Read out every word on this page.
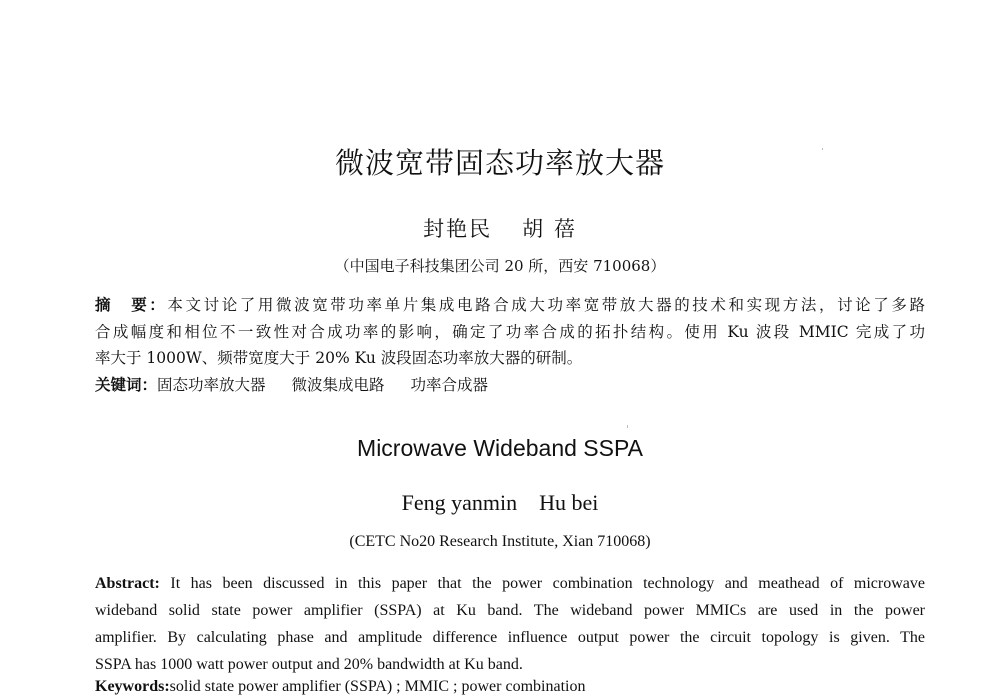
微波宽带固态功率放大器
封艳民 胡 蓓
（中国电子科技集团公司 20 所，西安 710068）
摘　要：本文讨论了用微波宽带功率单片集成电路合成大功率宽带放大器的技术和实现方法，讨论了多路
合成幅度和相位不一致性对合成功率的影响，确定了功率合成的拓扑结构。使用 Ku 波段 MMIC 完成了功
率大于 1000W、频带宽度大于 20% Ku 波段固态功率放大器的研制。
关键词：固态功率放大器 微波集成电路 功率合成器
Microwave Wideband SSPA
Feng yanmin Hu bei
(CETC No20 Research Institute, Xian 710068)
Abstract: It has been discussed in this paper that the power combination technology and meathead of microwave
wideband solid state power amplifier (SSPA) at Ku band. The wideband power MMICs are used in the power
amplifier. By calculating phase and amplitude difference influence output power the circuit topology is given. The
SSPA has 1000 watt power output and 20% bandwidth at Ku band.
Keywords:solid state power amplifier (SSPA) ; MMIC ; power combination
